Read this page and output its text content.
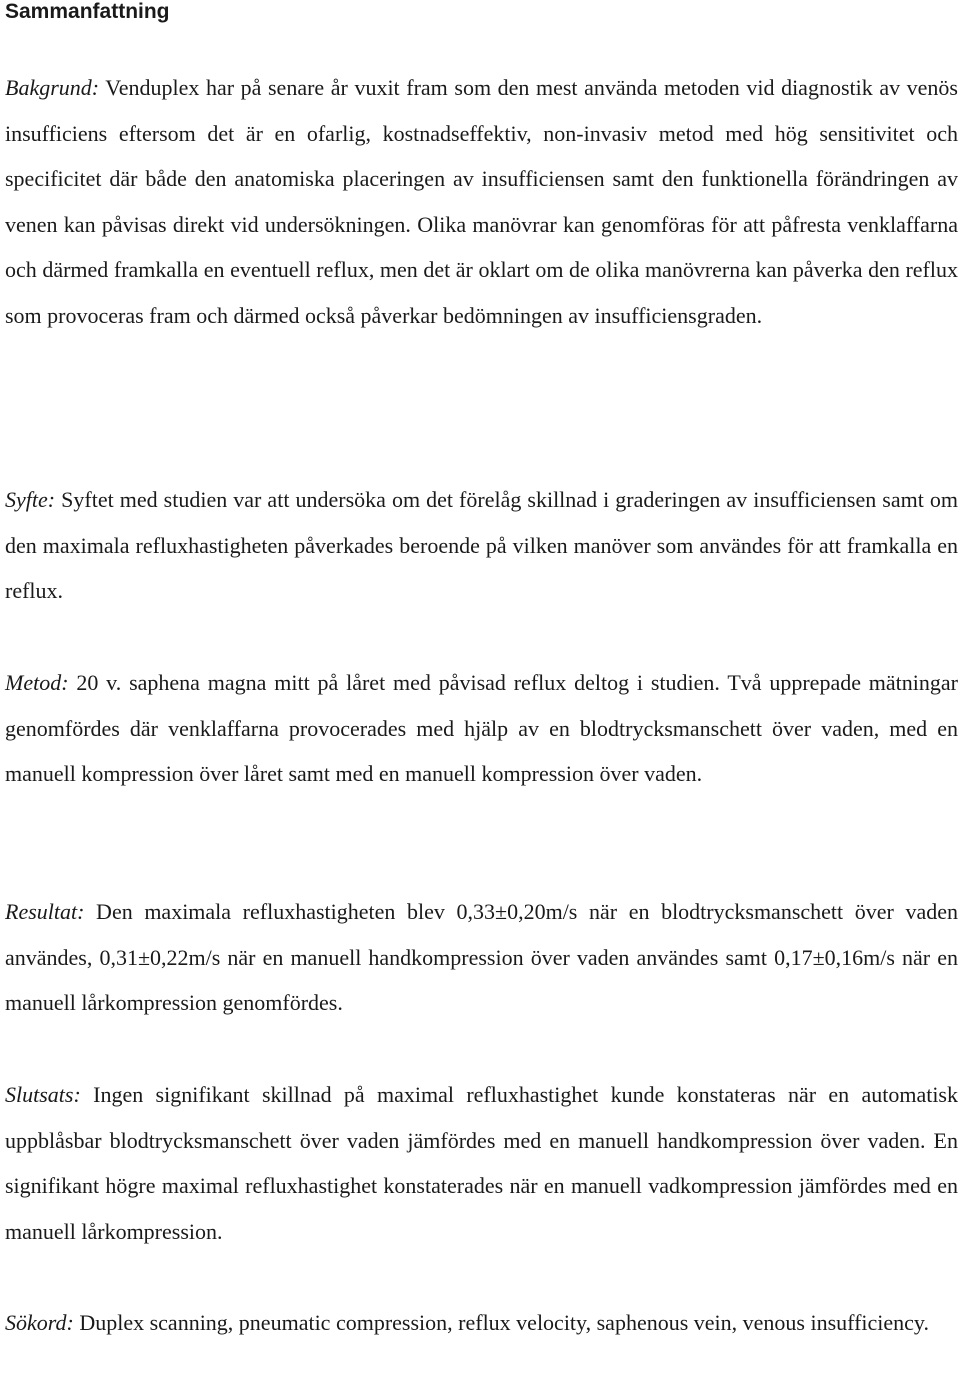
Sammanfattning

Bakgrund: Venduplex har på senare år vuxit fram som den mest använda metoden vid diagnostik av venös insufficiens eftersom det är en ofarlig, kostnadseffektiv, non-invasiv metod med hög sensitivitet och specificitet där både den anatomiska placeringen av insufficiensen samt den funktionella förändringen av venen kan påvisas direkt vid undersökningen. Olika manövrar kan genomföras för att påfresta venklaffarna och därmed framkalla en eventuell reflux, men det är oklart om de olika manövrerna kan påverka den reflux som provoceras fram och därmed också påverkar bedömningen av insufficiensgraden.

Syfte: Syftet med studien var att undersöka om det förelåg skillnad i graderingen av insufficiensen samt om den maximala refluxhastigheten påverkades beroende på vilken manöver som användes för att framkalla en reflux.

Metod: 20 v. saphena magna mitt på låret med påvisad reflux deltog i studien. Två upprepade mätningar genomfördes där venklaffarna provocerades med hjälp av en blodtrycksmanschett över vaden, med en manuell kompression över låret samt med en manuell kompression över vaden.

Resultat: Den maximala refluxhastigheten blev 0,33±0,20m/s när en blodtrycksmanschett över vaden användes, 0,31±0,22m/s när en manuell handkompression över vaden användes samt 0,17±0,16m/s när en manuell lårkompression genomfördes.

Slutsats: Ingen signifikant skillnad på maximal refluxhastighet kunde konstateras när en automatisk uppblåsbar blodtrycksmanschett över vaden jämfördes med en manuell handkompression över vaden. En signifikant högre maximal refluxhastighet konstaterades när en manuell vadkompression jämfördes med en manuell lårkompression.

Sökord: Duplex scanning, pneumatic compression, reflux velocity, saphenous vein, venous insufficiency.
